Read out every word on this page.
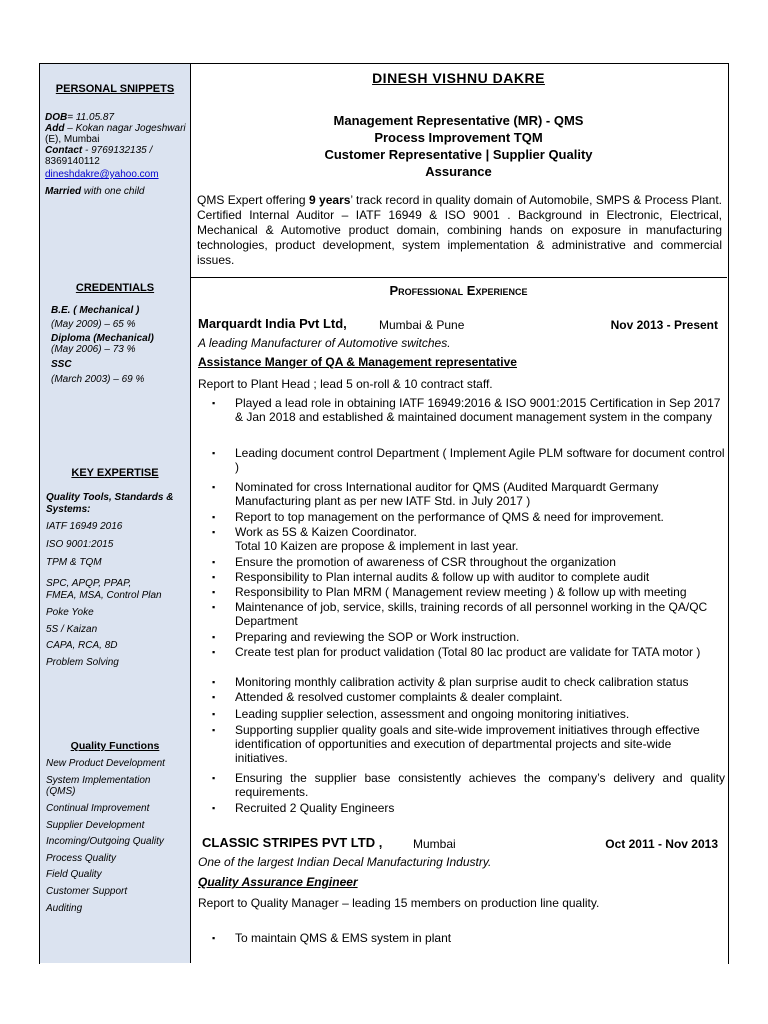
PERSONAL SNIPPETS
DOB= 11.05.87
Add – Kokan nagar Jogeshwari
(E), Mumbai
Contact - 9769132135 /
8369140112
dineshdakre@yahoo.com
Married with one child
CREDENTIALS
B.E. ( Mechanical )
(May 2009) – 65 %
Diploma (Mechanical)
(May 2006) – 73 %
SSC
(March 2003) – 69 %
KEY EXPERTISE
Quality Tools, Standards &
Systems:
IATF 16949 2016
ISO 9001:2015
TPM & TQM
SPC, APQP, PPAP,
FMEA, MSA, Control Plan
Poke Yoke
5S / Kaizan
CAPA, RCA, 8D
Problem Solving
Quality Functions
New Product Development
System Implementation
(QMS)
Continual Improvement
Supplier Development
Incoming/Outgoing Quality
Process Quality
Field Quality
Customer Support
Auditing
DINESH VISHNU DAKRE
Management Representative (MR) - QMS
Process Improvement TQM
Customer Representative | Supplier Quality
Assurance
QMS Expert offering 9 years’ track record in quality domain of Automobile, SMPS & Process Plant. Certified Internal Auditor – IATF 16949 & ISO 9001 . Background in Electronic, Electrical, Mechanical & Automotive product domain, combining hands on exposure in manufacturing technologies, product development, system implementation & administrative and commercial issues.
Professional Experience
Marquardt India Pvt Ltd,	Mumbai & Pune	Nov 2013 - Present
A leading Manufacturer of Automotive switches.
Assistance Manger of QA & Management representative
Report to Plant Head ; lead 5 on-roll & 10 contract staff.
▪ Played a lead role in obtaining IATF 16949:2016 & ISO 9001:2015 Certification in Sep 2017 & Jan 2018 and established & maintained document management system in the company
▪ Leading document control Department ( Implement Agile PLM software for document control )
▪ Nominated for cross International auditor for QMS (Audited Marquardt Germany Manufacturing plant as per new IATF Std. in July 2017 )
▪ Report to top management on the performance of QMS & need for improvement.
▪ Work as 5S & Kaizen Coordinator.
Total 10 Kaizen are propose & implement in last year.
▪ Ensure the promotion of awareness of CSR throughout the organization
▪ Responsibility to Plan internal audits & follow up with auditor to complete audit
▪ Responsibility to Plan MRM ( Management review meeting ) & follow up with meeting
▪ Maintenance of job, service, skills, training records of all personnel working in the QA/QC Department
▪ Preparing and reviewing the SOP or Work instruction.
▪ Create test plan for product validation (Total 80 lac product are validate for TATA motor )
▪ Monitoring monthly calibration activity & plan surprise audit to check calibration status
▪ Attended & resolved customer complaints & dealer complaint.
▪ Leading supplier selection, assessment and ongoing monitoring initiatives.
▪ Supporting supplier quality goals and site-wide improvement initiatives through effective identification of opportunities and execution of departmental projects and site-wide initiatives.
▪ Ensuring the supplier base consistently achieves the company’s delivery and quality requirements.
▪ Recruited 2 Quality Engineers
CLASSIC STRIPES PVT LTD ,	Mumbai	Oct 2011 - Nov 2013
One of the largest Indian Decal Manufacturing Industry.
Quality Assurance Engineer
Report to Quality Manager – leading 15 members on production line quality.
▪ To maintain QMS & EMS system in plant
